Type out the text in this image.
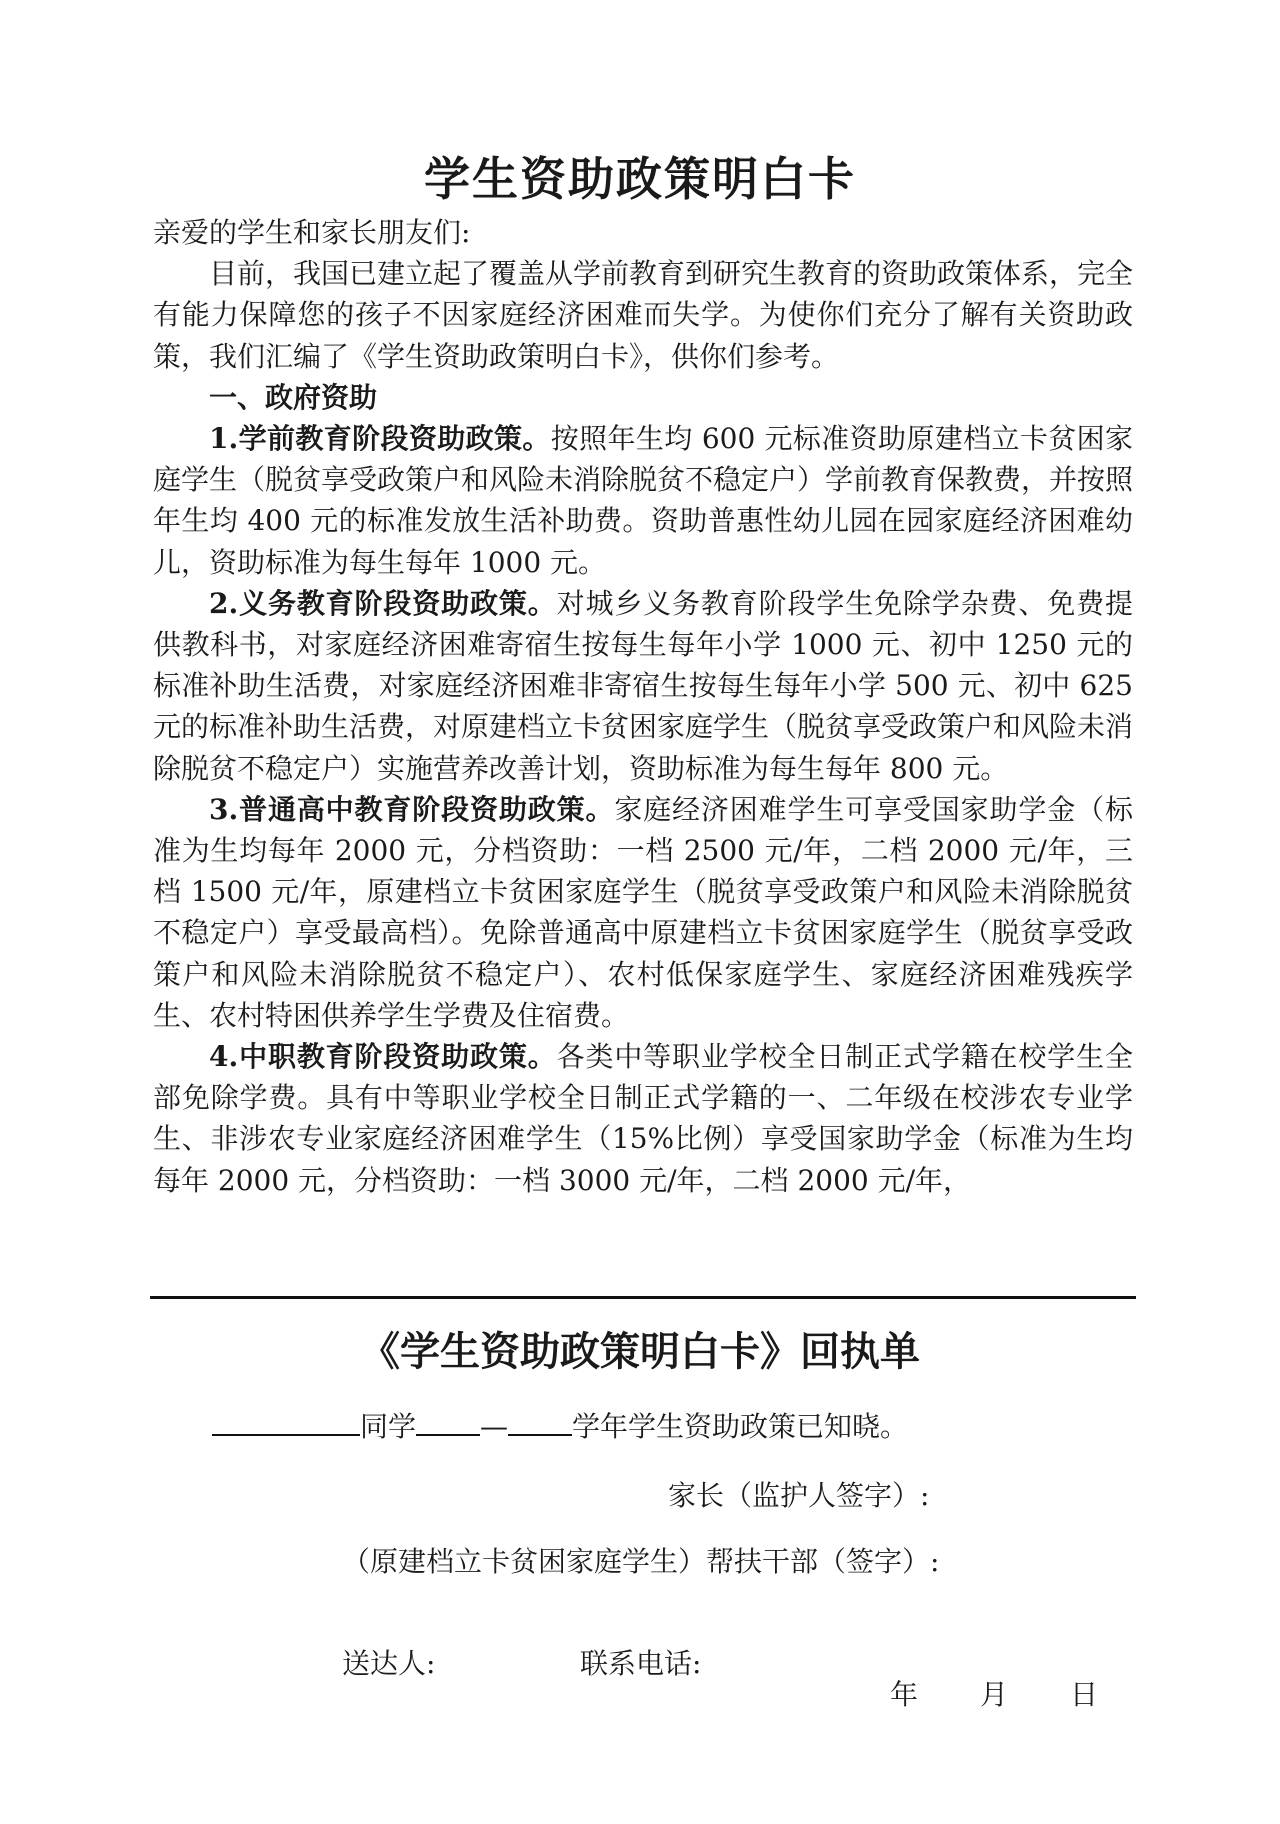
学生资助政策明白卡

亲爱的学生和家长朋友们:

目前，我国已建立起了覆盖从学前教育到研究生教育的资助政策体系，完全有能力保障您的孩子不因家庭经济困难而失学。为使你们充分了解有关资助政策，我们汇编了《学生资助政策明白卡》，供你们参考。

一、政府资助

1.学前教育阶段资助政策。按照年生均 600 元标准资助原建档立卡贫困家庭学生（脱贫享受政策户和风险未消除脱贫不稳定户）学前教育保教费，并按照年生均 400 元的标准发放生活补助费。资助普惠性幼儿园在园家庭经济困难幼儿，资助标准为每生每年 1000 元。

2.义务教育阶段资助政策。对城乡义务教育阶段学生免除学杂费、免费提供教科书，对家庭经济困难寄宿生按每生每年小学 1000 元、初中 1250 元的标准补助生活费，对家庭经济困难非寄宿生按每生每年小学 500 元、初中 625 元的标准补助生活费，对原建档立卡贫困家庭学生（脱贫享受政策户和风险未消除脱贫不稳定户）实施营养改善计划，资助标准为每生每年 800 元。

3.普通高中教育阶段资助政策。家庭经济困难学生可享受国家助学金（标准为生均每年 2000 元，分档资助：一档 2500 元/年，二档 2000 元/年，三档 1500 元/年，原建档立卡贫困家庭学生（脱贫享受政策户和风险未消除脱贫不稳定户）享受最高档）。免除普通高中原建档立卡贫困家庭学生（脱贫享受政策户和风险未消除脱贫不稳定户）、农村低保家庭学生、家庭经济困难残疾学生、农村特困供养学生学费及住宿费。

4.中职教育阶段资助政策。各类中等职业学校全日制正式学籍在校学生全部免除学费。具有中等职业学校全日制正式学籍的一、二年级在校涉农专业学生、非涉农专业家庭经济困难学生（15%比例）享受国家助学金（标准为生均每年 2000 元，分档资助：一档 3000 元/年，二档 2000 元/年，

《学生资助政策明白卡》回执单
同学 — 学年学生资助政策已知晓。
家长（监护人签字）:
（原建档立卡贫困家庭学生）帮扶干部（签字）:
送达人:	联系电话:
年 月 日
